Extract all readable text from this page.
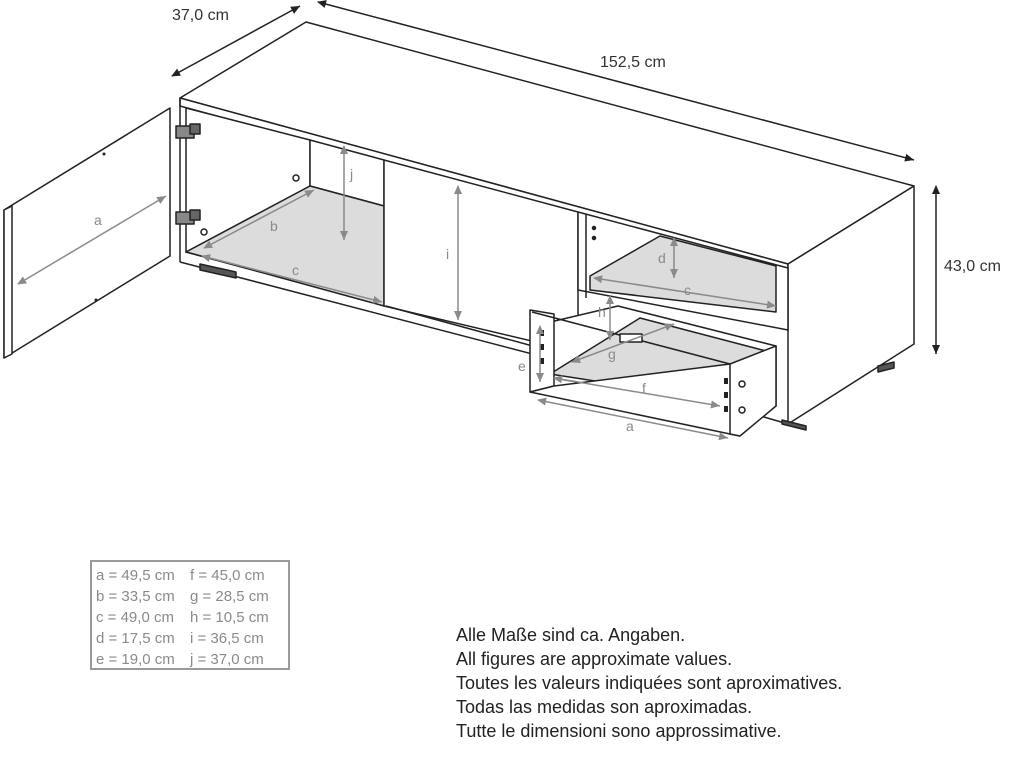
37,0 cm
152,5 cm
43,0 cm
a	b
c
j
i	d
c
h
g
e
f
a
a = 49,5 cm	f = 45,0 cm
b = 33,5 cm	g = 28,5 cm
c = 49,0 cm	h = 10,5 cm
d = 17,5 cm	i = 36,5 cm
e = 19,0 cm	j = 37,0 cm
Alle Maße sind ca. Angaben.
All figures are approximate values.
Toutes les valeurs indiquées sont aproximatives.
Todas las medidas son aproximadas.
Tutte le dimensioni sono approssimative.
